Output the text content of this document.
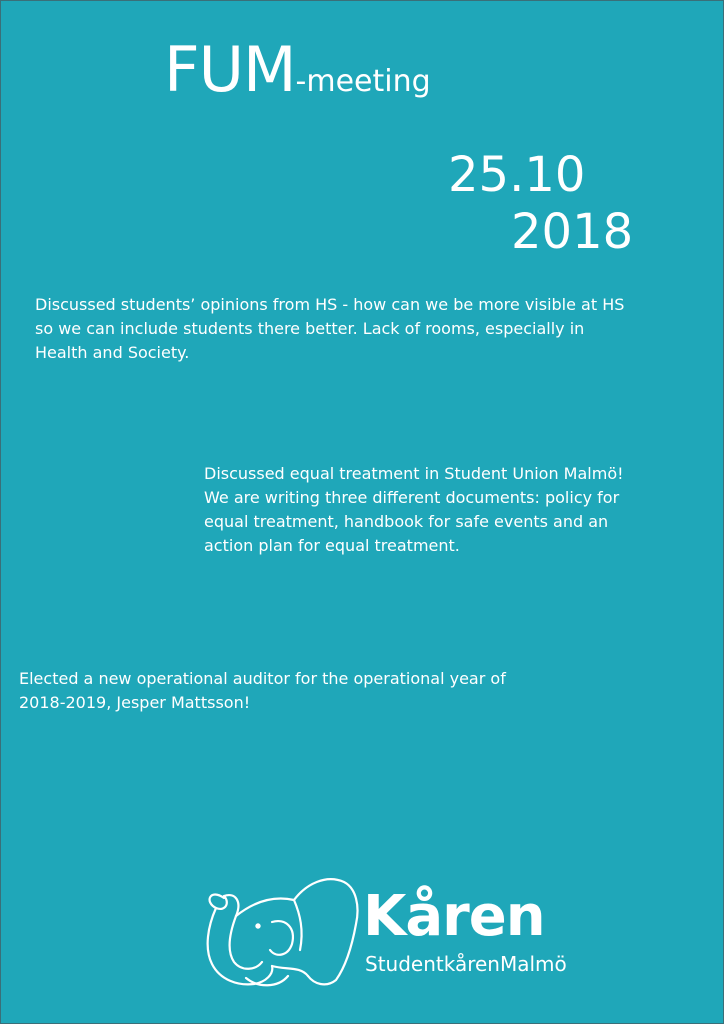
FUM-meeting
25.10
2018

Discussed students’ opinions from HS - how can we be more visible at HS so we can include students there better. Lack of rooms, especially in Health and Society.

Discussed equal treatment in Student Union Malmö! We are writing three different documents: policy for equal treatment, handbook for safe events and an action plan for equal treatment.

Elected a new operational auditor for the operational year of 2018-2019, Jesper Mattsson!

Kåren
StudentkårenMalmö
